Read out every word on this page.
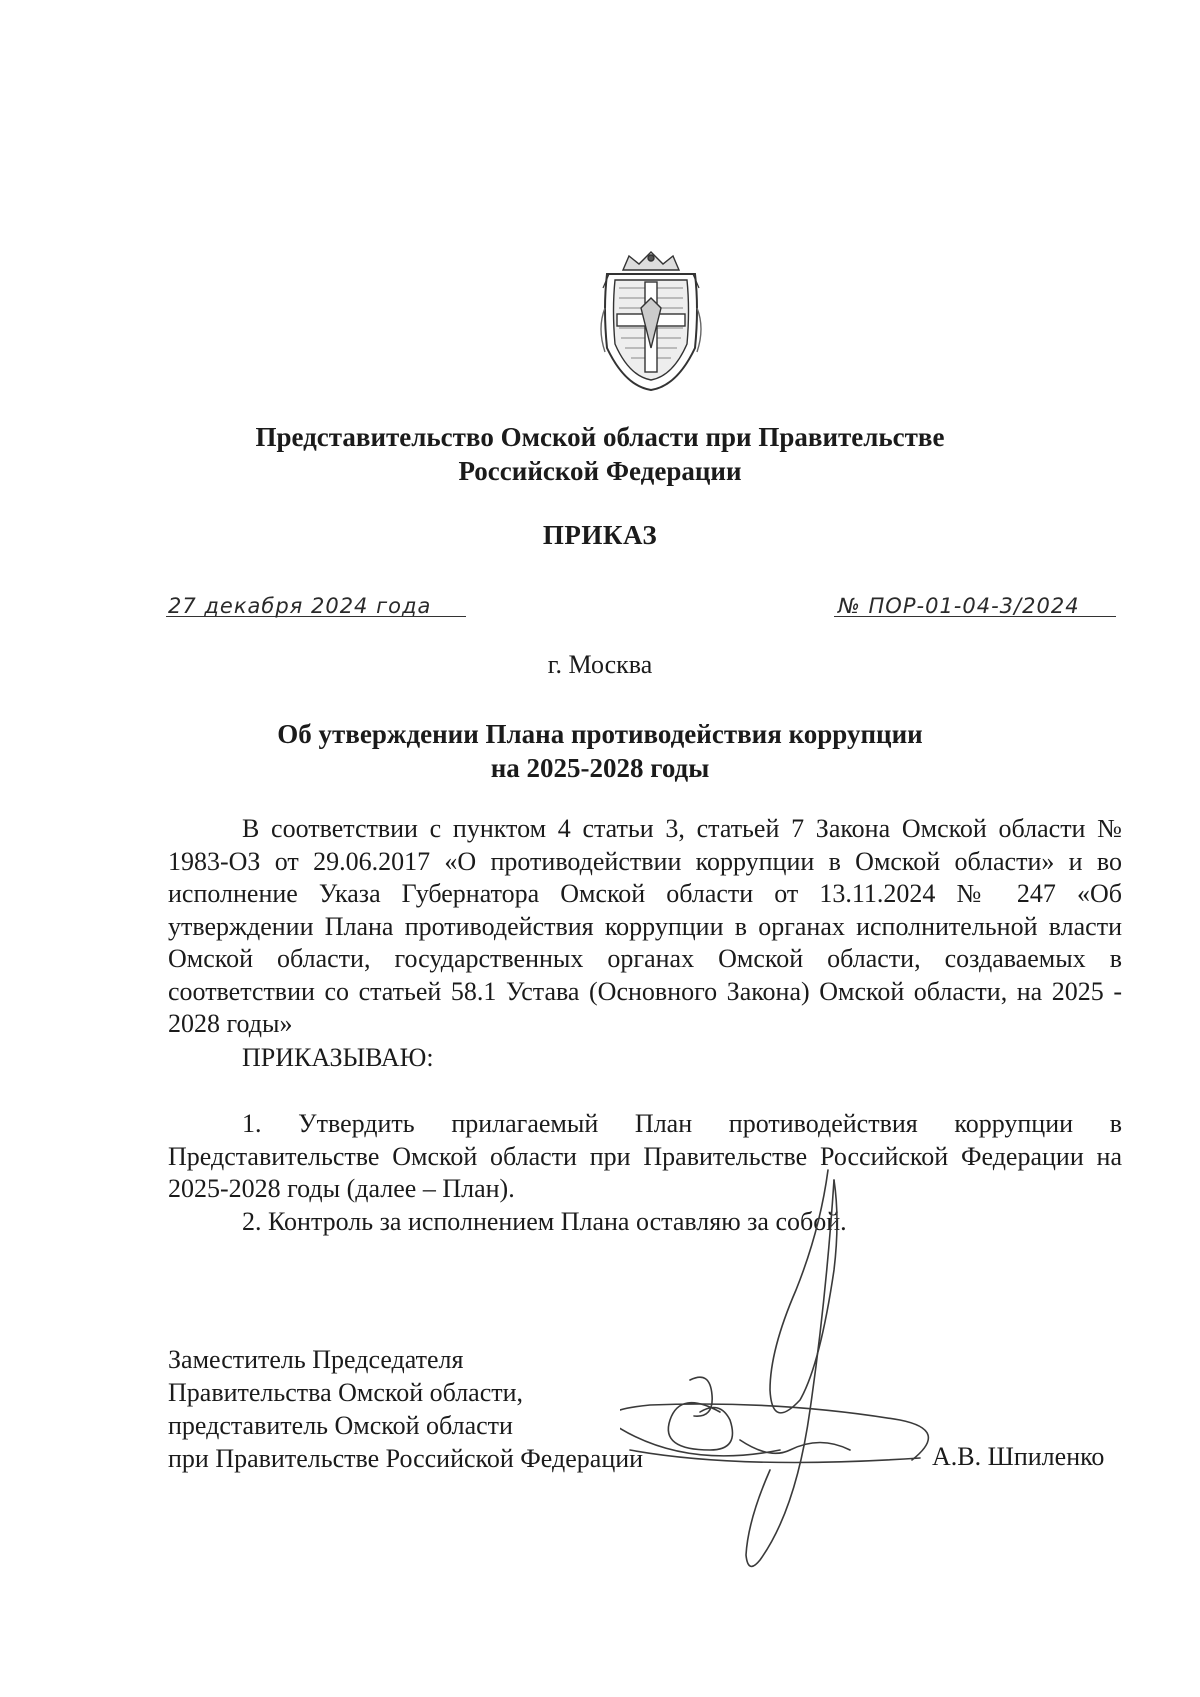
Представительство Омской области при Правительстве
Российской Федерации
ПРИКАЗ
27 декабря 2024 года	№ ПОР-01-04-3/2024
г. Москва
Об утверждении Плана противодействия коррупции
на 2025-2028 годы

В соответствии с пунктом 4 статьи 3, статьей 7 Закона Омской области № 1983-ОЗ от 29.06.2017 «О противодействии коррупции в Омской области» и во исполнение Указа Губернатора Омской области от 13.11.2024 № 247 «Об утверждении Плана противодействия коррупции в органах исполнительной власти Омской области, государственных органах Омской области, создаваемых в соответствии со статьей 58.1 Устава (Основного Закона) Омской области, на 2025 - 2028 годы»

ПРИКАЗЫВАЮ:

1. Утвердить прилагаемый План противодействия коррупции в Представительстве Омской области при Правительстве Российской Федерации на 2025-2028 годы (далее – План).

2. Контроль за исполнением Плана оставляю за собой.

Заместитель Председателя
Правительства Омской области,
представитель Омской области
при Правительстве Российской Федерации	А.В. Шпиленко
